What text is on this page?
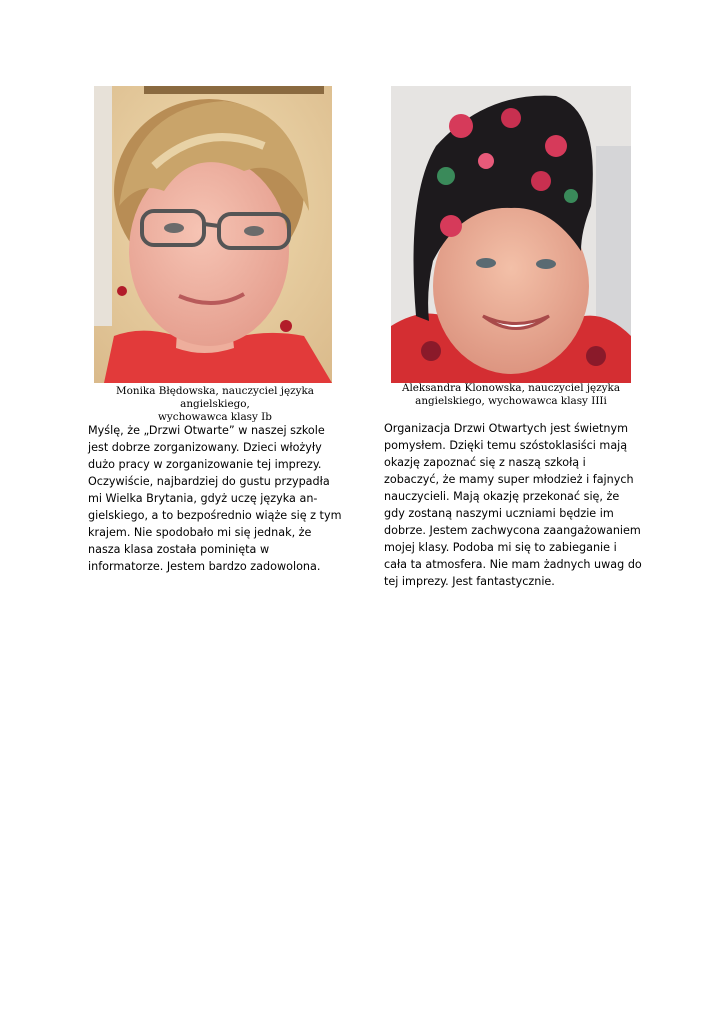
Monika Błędowska, nauczyciel języka angielskiego,
wychowawca klasy Ib
Aleksandra Klonowska, nauczyciel języka
angielskiego, wychowawca klasy IIIi

Myślę, że „Drzwi Otwarte” w naszej szkole
jest dobrze zorganizowany. Dzieci włożyły
dużo pracy w zorganizowanie tej imprezy.
Oczywiście, najbardziej do gustu przypadła
mi Wielka Brytania, gdyż uczę języka an-
gielskiego, a to bezpośrednio wiąże się z tym
krajem. Nie spodobało mi się jednak, że
nasza klasa została pominięta w
informatorze. Jestem bardzo zadowolona.

Organizacja Drzwi Otwartych jest świetnym
pomysłem. Dzięki temu szóstoklasiści mają
okazję zapoznać się z naszą szkołą i
zobaczyć, że mamy super młodzież i fajnych
nauczycieli. Mają okazję przekonać się, że
gdy zostaną naszymi uczniami będzie im
dobrze. Jestem zachwycona zaangażowaniem
mojej klasy. Podoba mi się to zabieganie i
cała ta atmosfera. Nie mam żadnych uwag do
tej imprezy. Jest fantastycznie.
